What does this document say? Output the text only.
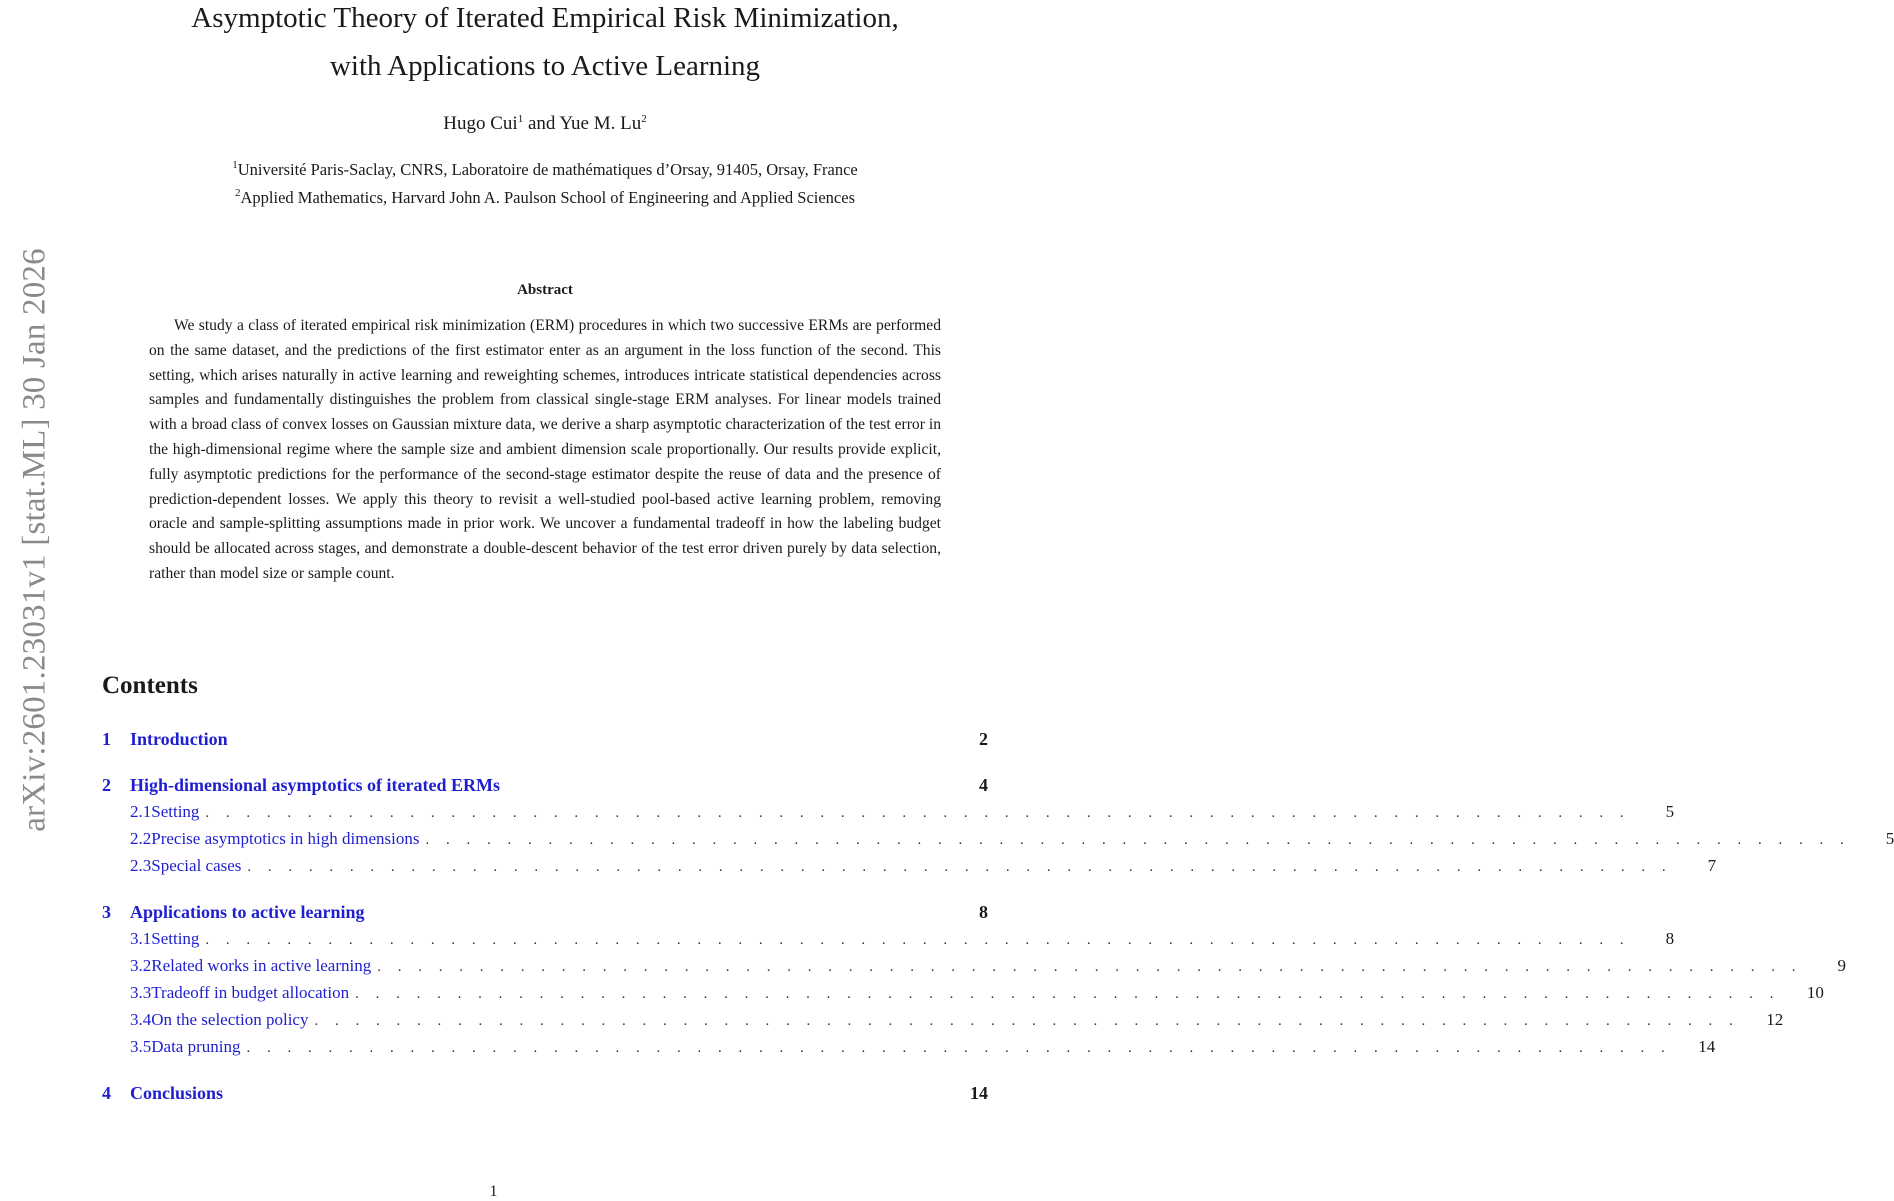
arXiv:2601.23031v1 [stat.ML] 30 Jan 2026
Asymptotic Theory of Iterated Empirical Risk Minimization,
with Applications to Active Learning
Hugo Cui$^1$ and Yue M. Lu$^2$
$^1$Université Paris-Saclay, CNRS, Laboratoire de mathématiques d’Orsay, 91405, Orsay, France
$^2$Applied Mathematics, Harvard John A. Paulson School of Engineering and Applied Sciences
Abstract

We study a class of iterated empirical risk minimization (ERM) procedures in which two successive ERMs are performed on the same dataset, and the predictions of the first estimator enter as an argument in the loss function of the second. This setting, which arises naturally in active learning and reweighting schemes, introduces intricate statistical dependencies across samples and fundamentally distinguishes the problem from classical single-stage ERM analyses. For linear models trained with a broad class of convex losses on Gaussian mixture data, we derive a sharp asymptotic characterization of the test error in the high-dimensional regime where the sample size and ambient dimension scale proportionally. Our results provide explicit, fully asymptotic predictions for the performance of the second-stage estimator despite the reuse of data and the presence of prediction-dependent losses. We apply this theory to revisit a well-studied pool-based active learning problem, removing oracle and sample-splitting assumptions made in prior work. We uncover a fundamental tradeoff in how the labeling budget should be allocated across stages, and demonstrate a double-descent behavior of the test error driven purely by data selection, rather than model size or sample count.

Contents
1	Introduction	2
2	High-dimensional asymptotics of iterated ERMs	4
2.1 Setting . . . . . . . . . . . . . . . . . . . . . . . . . . . . . . . . . . . . . . . . . . . . . . . . . . . . . . . . . . . . . . . . . . . . . .	5
2.2 Precise asymptotics in high dimensions . . . . . . . . . . . . . . . . . . . . . . . . . . . . . . . . . . . . . . . . . . . . . . . . . . . . . . . . . . . . . . . . . . . . . .	5
2.3 Special cases . . . . . . . . . . . . . . . . . . . . . . . . . . . . . . . . . . . . . . . . . . . . . . . . . . . . . . . . . . . . . . . . . . . . . .	7
3	Applications to active learning	8
3.1 Setting . . . . . . . . . . . . . . . . . . . . . . . . . . . . . . . . . . . . . . . . . . . . . . . . . . . . . . . . . . . . . . . . . . . . . .	8
3.2 Related works in active learning . . . . . . . . . . . . . . . . . . . . . . . . . . . . . . . . . . . . . . . . . . . . . . . . . . . . . . . . . . . . . . . . . . . . . .	9
3.3 Tradeoff in budget allocation . . . . . . . . . . . . . . . . . . . . . . . . . . . . . . . . . . . . . . . . . . . . . . . . . . . . . . . . . . . . . . . . . . . . . . 10
3.4 On the selection policy . . . . . . . . . . . . . . . . . . . . . . . . . . . . . . . . . . . . . . . . . . . . . . . . . . . . . . . . . . . . . . . . . . . . . . 12
3.5 Data pruning . . . . . . . . . . . . . . . . . . . . . . . . . . . . . . . . . . . . . . . . . . . . . . . . . . . . . . . . . . . . . . . . . . . . . . 14
4	Conclusions	14
1
